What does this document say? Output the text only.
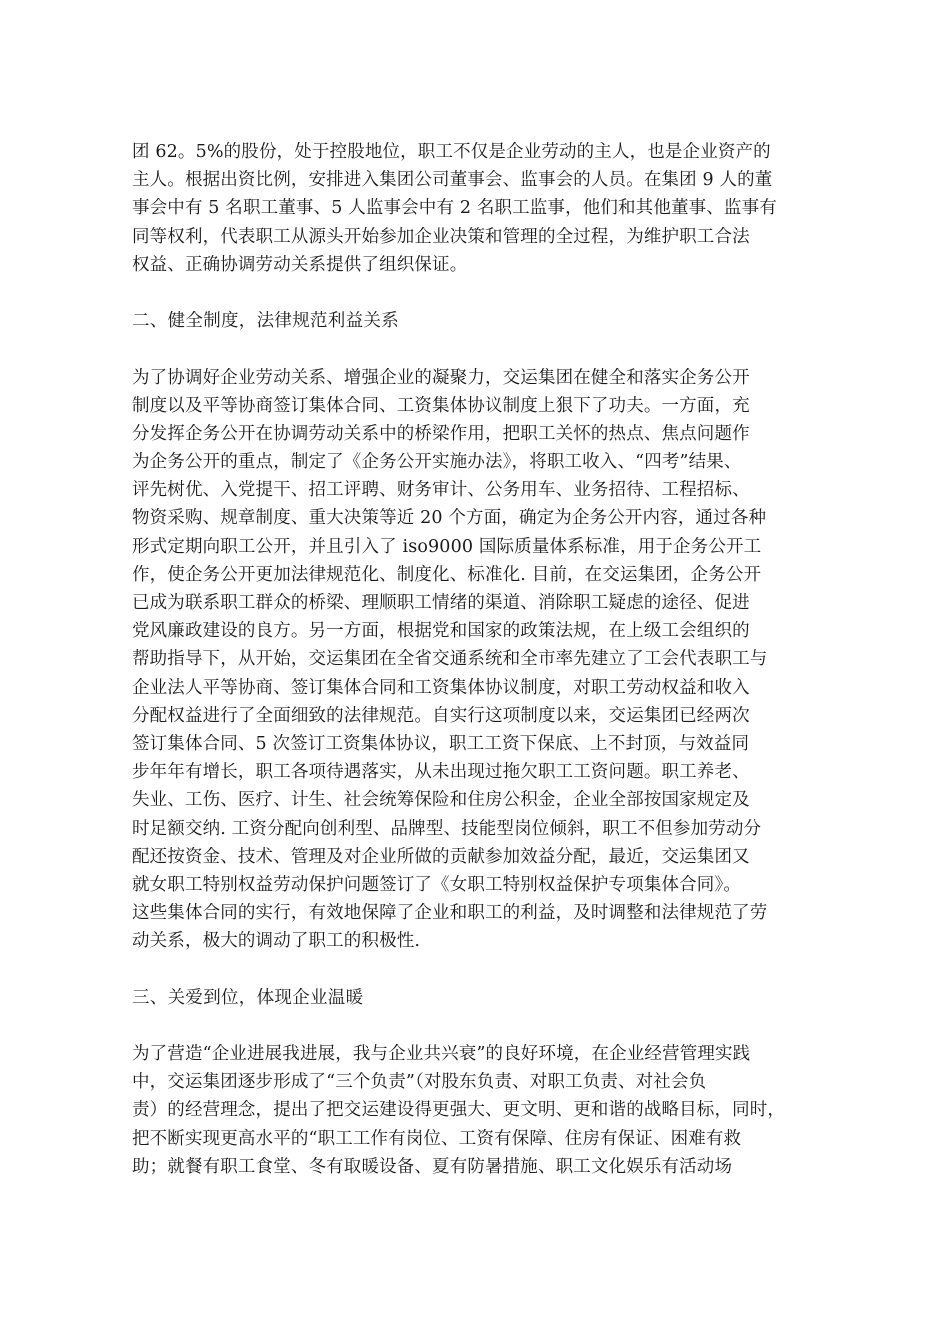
团 62。5%的股份，处于控股地位，职工不仅是企业劳动的主人，也是企业资产的
主人。根据出资比例，安排进入集团公司董事会、监事会的人员。在集团 9 人的董
事会中有 5 名职工董事、5 人监事会中有 2 名职工监事，他们和其他董事、监事有
同等权利，代表职工从源头开始参加企业决策和管理的全过程，为维护职工合法
权益、正确协调劳动关系提供了组织保证。
二、健全制度，法律规范利益关系
为了协调好企业劳动关系、增强企业的凝聚力，交运集团在健全和落实企务公开
制度以及平等协商签订集体合同、工资集体协议制度上狠下了功夫。一方面，充
分发挥企务公开在协调劳动关系中的桥梁作用，把职工关怀的热点、焦点问题作
为企务公开的重点，制定了《企务公开实施办法》，将职工收入、“四考”结果、
评先树优、入党提干、招工评聘、财务审计、公务用车、业务招待、工程招标、
物资采购、规章制度、重大决策等近 20 个方面，确定为企务公开内容，通过各种
形式定期向职工公开，并且引入了 iso9000 国际质量体系标准，用于企务公开工
作，使企务公开更加法律规范化、制度化、标准化. 目前，在交运集团，企务公开
已成为联系职工群众的桥梁、理顺职工情绪的渠道、消除职工疑虑的途径、促进
党风廉政建设的良方。另一方面，根据党和国家的政策法规，在上级工会组织的
帮助指导下，从开始，交运集团在全省交通系统和全市率先建立了工会代表职工与
企业法人平等协商、签订集体合同和工资集体协议制度，对职工劳动权益和收入
分配权益进行了全面细致的法律规范。自实行这项制度以来，交运集团已经两次
签订集体合同、5 次签订工资集体协议，职工工资下保底、上不封顶，与效益同
步年年有增长，职工各项待遇落实，从未出现过拖欠职工工资问题。职工养老、
失业、工伤、医疗、计生、社会统筹保险和住房公积金，企业全部按国家规定及
时足额交纳. 工资分配向创利型、品牌型、技能型岗位倾斜，职工不但参加劳动分
配还按资金、技术、管理及对企业所做的贡献参加效益分配，最近，交运集团又
就女职工特别权益劳动保护问题签订了《女职工特别权益保护专项集体合同》。
这些集体合同的实行，有效地保障了企业和职工的利益，及时调整和法律规范了劳
动关系，极大的调动了职工的积极性.
三、关爱到位，体现企业温暖
为了营造“企业进展我进展，我与企业共兴衰”的良好环境，在企业经营管理实践
中，交运集团逐步形成了“三个负责”（对股东负责、对职工负责、对社会负
责）的经营理念，提出了把交运建设得更强大、更文明、更和谐的战略目标，同时，
把不断实现更高水平的“职工工作有岗位、工资有保障、住房有保证、困难有救
助；就餐有职工食堂、冬有取暖设备、夏有防暑措施、职工文化娱乐有活动场
